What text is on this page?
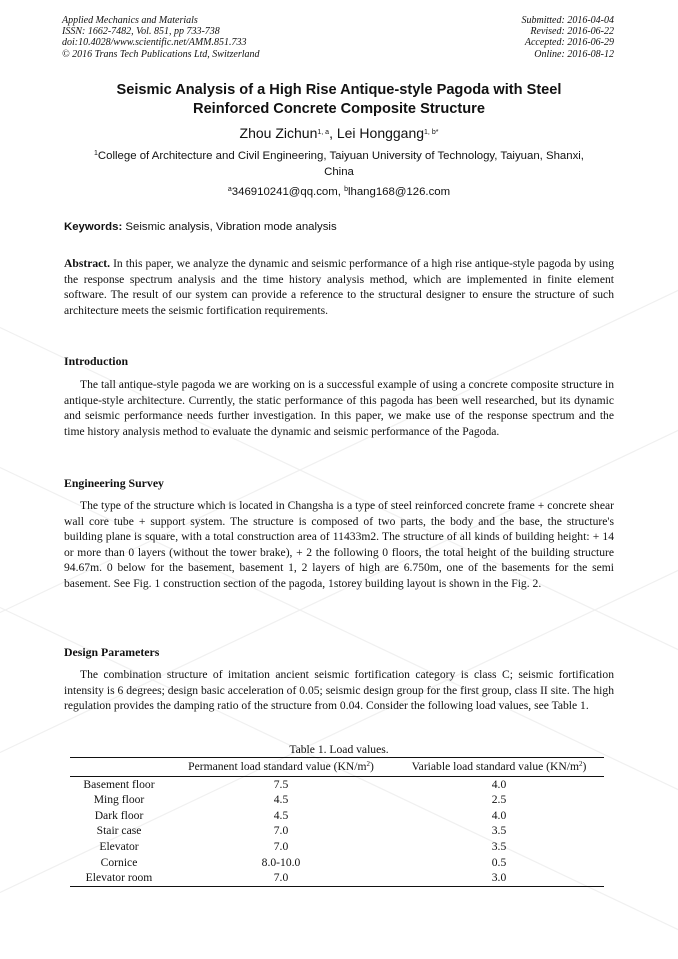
Applied Mechanics and Materials
ISSN: 1662-7482, Vol. 851, pp 733-738
doi:10.4028/www.scientific.net/AMM.851.733
© 2016 Trans Tech Publications Ltd, Switzerland
Submitted: 2016-04-04
Revised: 2016-06-22
Accepted: 2016-06-29
Online: 2016-08-12
Seismic Analysis of a High Rise Antique-style Pagoda with Steel
Reinforced Concrete Composite Structure
Zhou Zichun$^{1, a}$, Lei Honggang$^{1, b*}$
$^1$College of Architecture and Civil Engineering, Taiyuan University of Technology, Taiyuan, Shanxi, China
$^a$346910241@qq.com, $^b$lhang168@126.com
Keywords: Seismic analysis, Vibration mode analysis

Abstract. In this paper, we analyze the dynamic and seismic performance of a high rise antique-style pagoda by using the response spectrum analysis and the time history analysis method, which are implemented in finite element software. The result of our system can provide a reference to the structural designer to ensure the structure of such architecture meets the seismic fortification requirements.

Introduction

The tall antique-style pagoda we are working on is a successful example of using a concrete composite structure in antique-style architecture. Currently, the static performance of this pagoda has been well researched, but its dynamic and seismic performance needs further investigation. In this paper, we make use of the response spectrum and the time history analysis method to evaluate the dynamic and seismic performance of the Pagoda.

Engineering Survey

The type of the structure which is located in Changsha is a type of steel reinforced concrete frame + concrete shear wall core tube + support system. The structure is composed of two parts, the body and the base, the structure's building plane is square, with a total construction area of 11433m2. The structure of all kinds of building height: + 14 or more than 0 layers (without the tower brake), + 2 the following 0 floors, the total height of the building structure 94.67m. 0 below for the basement, basement 1, 2 layers of high are 6.750m, one of the basements for the semi basement. See Fig. 1 construction section of the pagoda, 1storey building layout is shown in the Fig. 2.

Design Parameters

The combination structure of imitation ancient seismic fortification category is class C; seismic fortification intensity is 6 degrees; design basic acceleration of 0.05; seismic design group for the first group, class II site. The high regulation provides the damping ratio of the structure from 0.04. Consider the following load values, see Table 1.

Table 1. Load values.
	Permanent load standard value $(KN/m^2)$	Variable load standard value $(KN/m^2)$
Basement floor	7.5	4.0
Ming floor	4.5	2.5
Dark floor	4.5	4.0
Stair case	7.0	3.5
Elevator	7.0	3.5
Cornice	8.0-10.0	0.5
Elevator room	7.0	3.0
